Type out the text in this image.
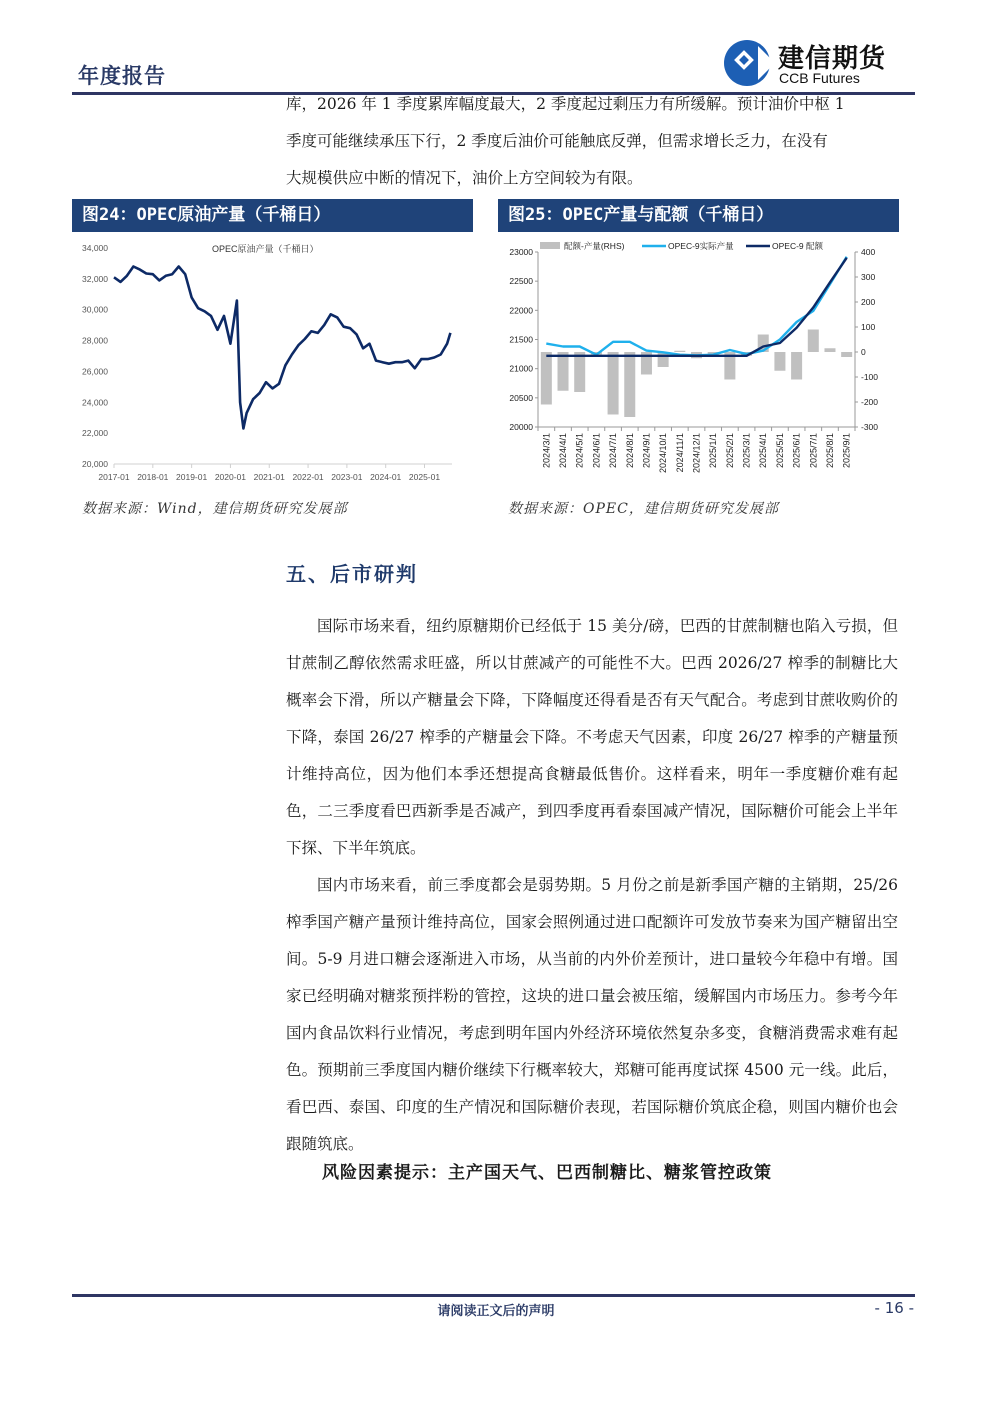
年度报告
建信期货
CCB Futures

库，2026 年 1 季度累库幅度最大，2 季度起过剩压力有所缓解。预计油价中枢 1

季度可能继续承压下行，2 季度后油价可能触底反弹，但需求增长乏力，在没有

大规模供应中断的情况下，油价上方空间较为有限。

图24：OPEC原油产量（千桶日）
20,000
22,000
24,000
26,000
28,000
30,000
32,000
34,000
2017-01 2018-01 2019-01 2020-01 2021-01 2022-01 2023-01 2024-01 2025-01
OPEC原油产量（千桶日）
数据来源：Wind，建信期货研究发展部
图25：OPEC产量与配额（千桶日）
20000
20500
21000
21500
22000
22500
23000
-300
-200
-100
0
100
200
300
400
2024/3/1 2024/4/1 2024/5/1 2024/6/1 2024/7/1 2024/8/1 2024/9/1 2024/10/1 2024/11/1 2024/12/1 2025/1/1 2025/2/1 2025/3/1 2025/4/1 2025/5/1 2025/6/1 2025/7/1 2025/8/1 2025/9/1
配额-产量(RHS)	OPEC-9实际产量	OPEC-9 配额
数据来源：OPEC，建信期货研究发展部
五、后市研判

国际市场来看，纽约原糖期价已经低于 15 美分/磅，巴西的甘蔗制糖也陷入亏损，但甘蔗制乙醇依然需求旺盛，所以甘蔗减产的可能性不大。巴西 2026/27 榨季的制糖比大概率会下滑，所以产糖量会下降，下降幅度还得看是否有天气配合。考虑到甘蔗收购价的下降，泰国 26/27 榨季的产糖量会下降。不考虑天气因素，印度 26/27 榨季的产糖量预计维持高位，因为他们本季还想提高食糖最低售价。这样看来，明年一季度糖价难有起色，二三季度看巴西新季是否减产，到四季度再看泰国减产情况，国际糖价可能会上半年下探、下半年筑底。

国内市场来看，前三季度都会是弱势期。5 月份之前是新季国产糖的主销期，25/26 榨季国产糖产量预计维持高位，国家会照例通过进口配额许可发放节奏来为国产糖留出空间。5-9 月进口糖会逐渐进入市场，从当前的内外价差预计，进口量较今年稳中有增。国家已经明确对糖浆预拌粉的管控，这块的进口量会被压缩，缓解国内市场压力。参考今年国内食品饮料行业情况，考虑到明年国内外经济环境依然复杂多变，食糖消费需求难有起色。预期前三季度国内糖价继续下行概率较大，郑糖可能再度试探 4500 元一线。此后，看巴西、泰国、印度的生产情况和国际糖价表现，若国际糖价筑底企稳，则国内糖价也会跟随筑底。

风险因素提示：主产国天气、巴西制糖比、糖浆管控政策
请阅读正文后的声明	- 16 -
